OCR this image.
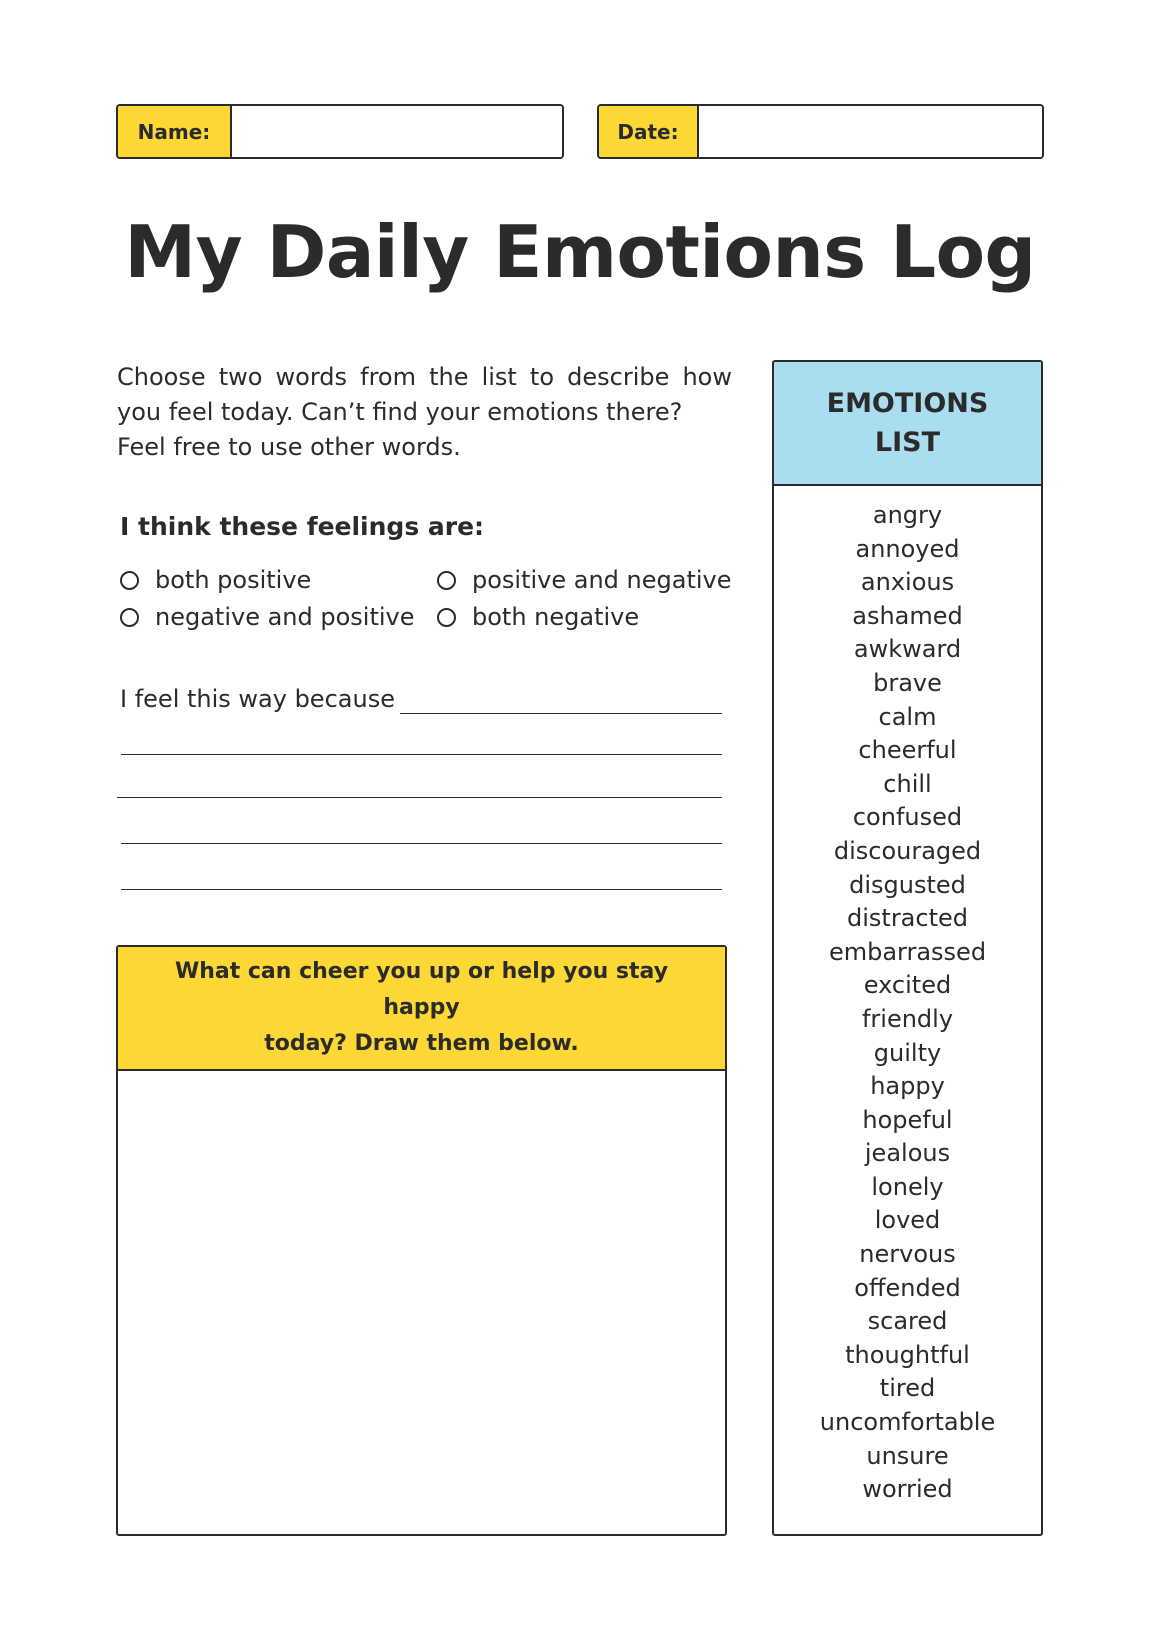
Name:	Date:
My Daily Emotions Log
Choose two words from the list to describe how
you feel today. Can’t find your emotions there?
Feel free to use other words.
I think these feelings are:
both positive	positive and negative
negative and positive both negative
I feel this way because
What can cheer you up or help you stay happy
today? Draw them below.
EMOTIONS
LIST
angry
annoyed
anxious
ashamed
awkward
brave
calm
cheerful
chill
confused
discouraged
disgusted
distracted
embarrassed
excited
friendly
guilty
happy
hopeful
jealous
lonely
loved
nervous
offended
scared
thoughtful
tired
uncomfortable
unsure
worried
